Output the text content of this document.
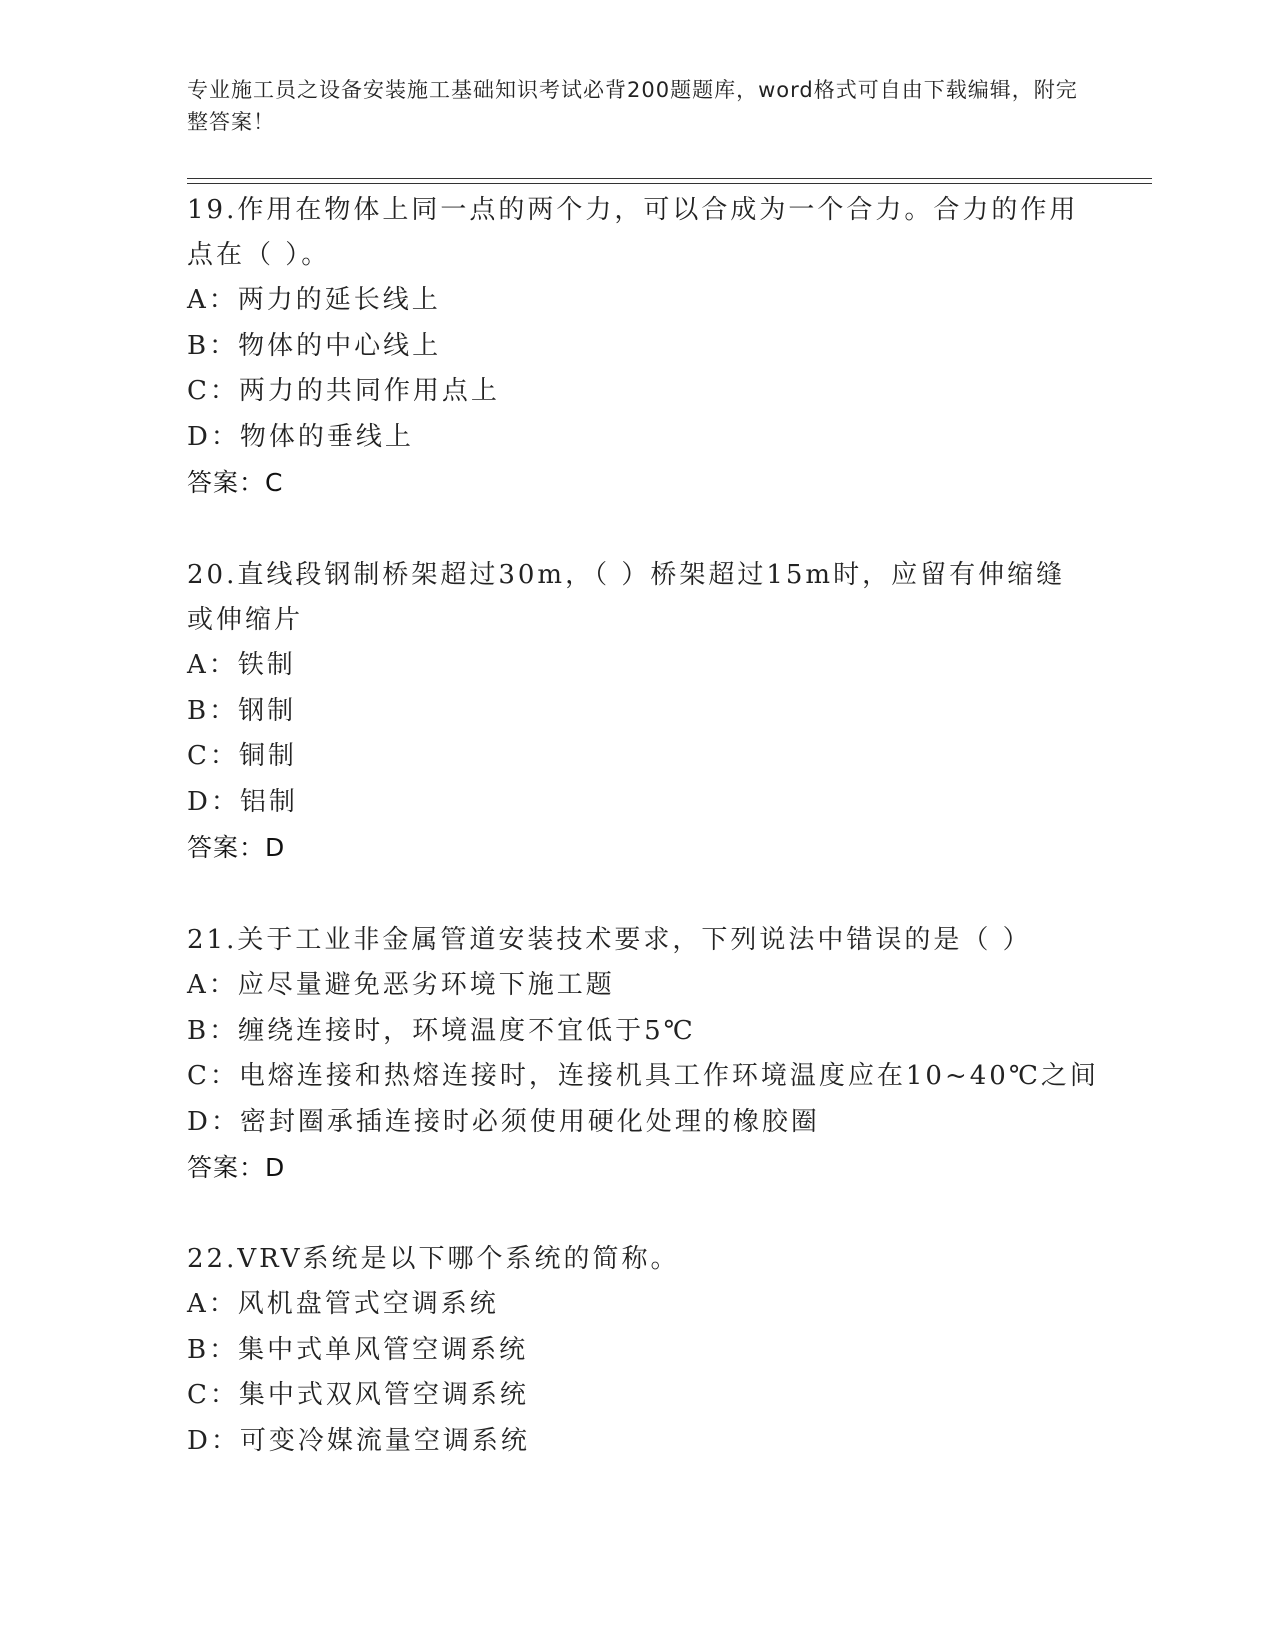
专业施工员之设备安装施工基础知识考试必背200题题库，word格式可自由下载编辑，附完整答案！
19.作用在物体上同一点的两个力，可以合成为一个合力。合力的作用点在（ ）。
A：两力的延长线上
B：物体的中心线上
C：两力的共同作用点上
D：物体的垂线上
答案：C
20.直线段钢制桥架超过30m，（ ）桥架超过15m时，应留有伸缩缝或伸缩片
A：铁制
B：钢制
C：铜制
D：铝制
答案：D
21.关于工业非金属管道安装技术要求，下列说法中错误的是（ ）
A：应尽量避免恶劣环境下施工题
B：缠绕连接时，环境温度不宜低于5℃
C：电熔连接和热熔连接时，连接机具工作环境温度应在10~40℃之间
D：密封圈承插连接时必须使用硬化处理的橡胶圈
答案：D
22.VRV系统是以下哪个系统的简称。
A：风机盘管式空调系统
B：集中式单风管空调系统
C：集中式双风管空调系统
D：可变冷媒流量空调系统
